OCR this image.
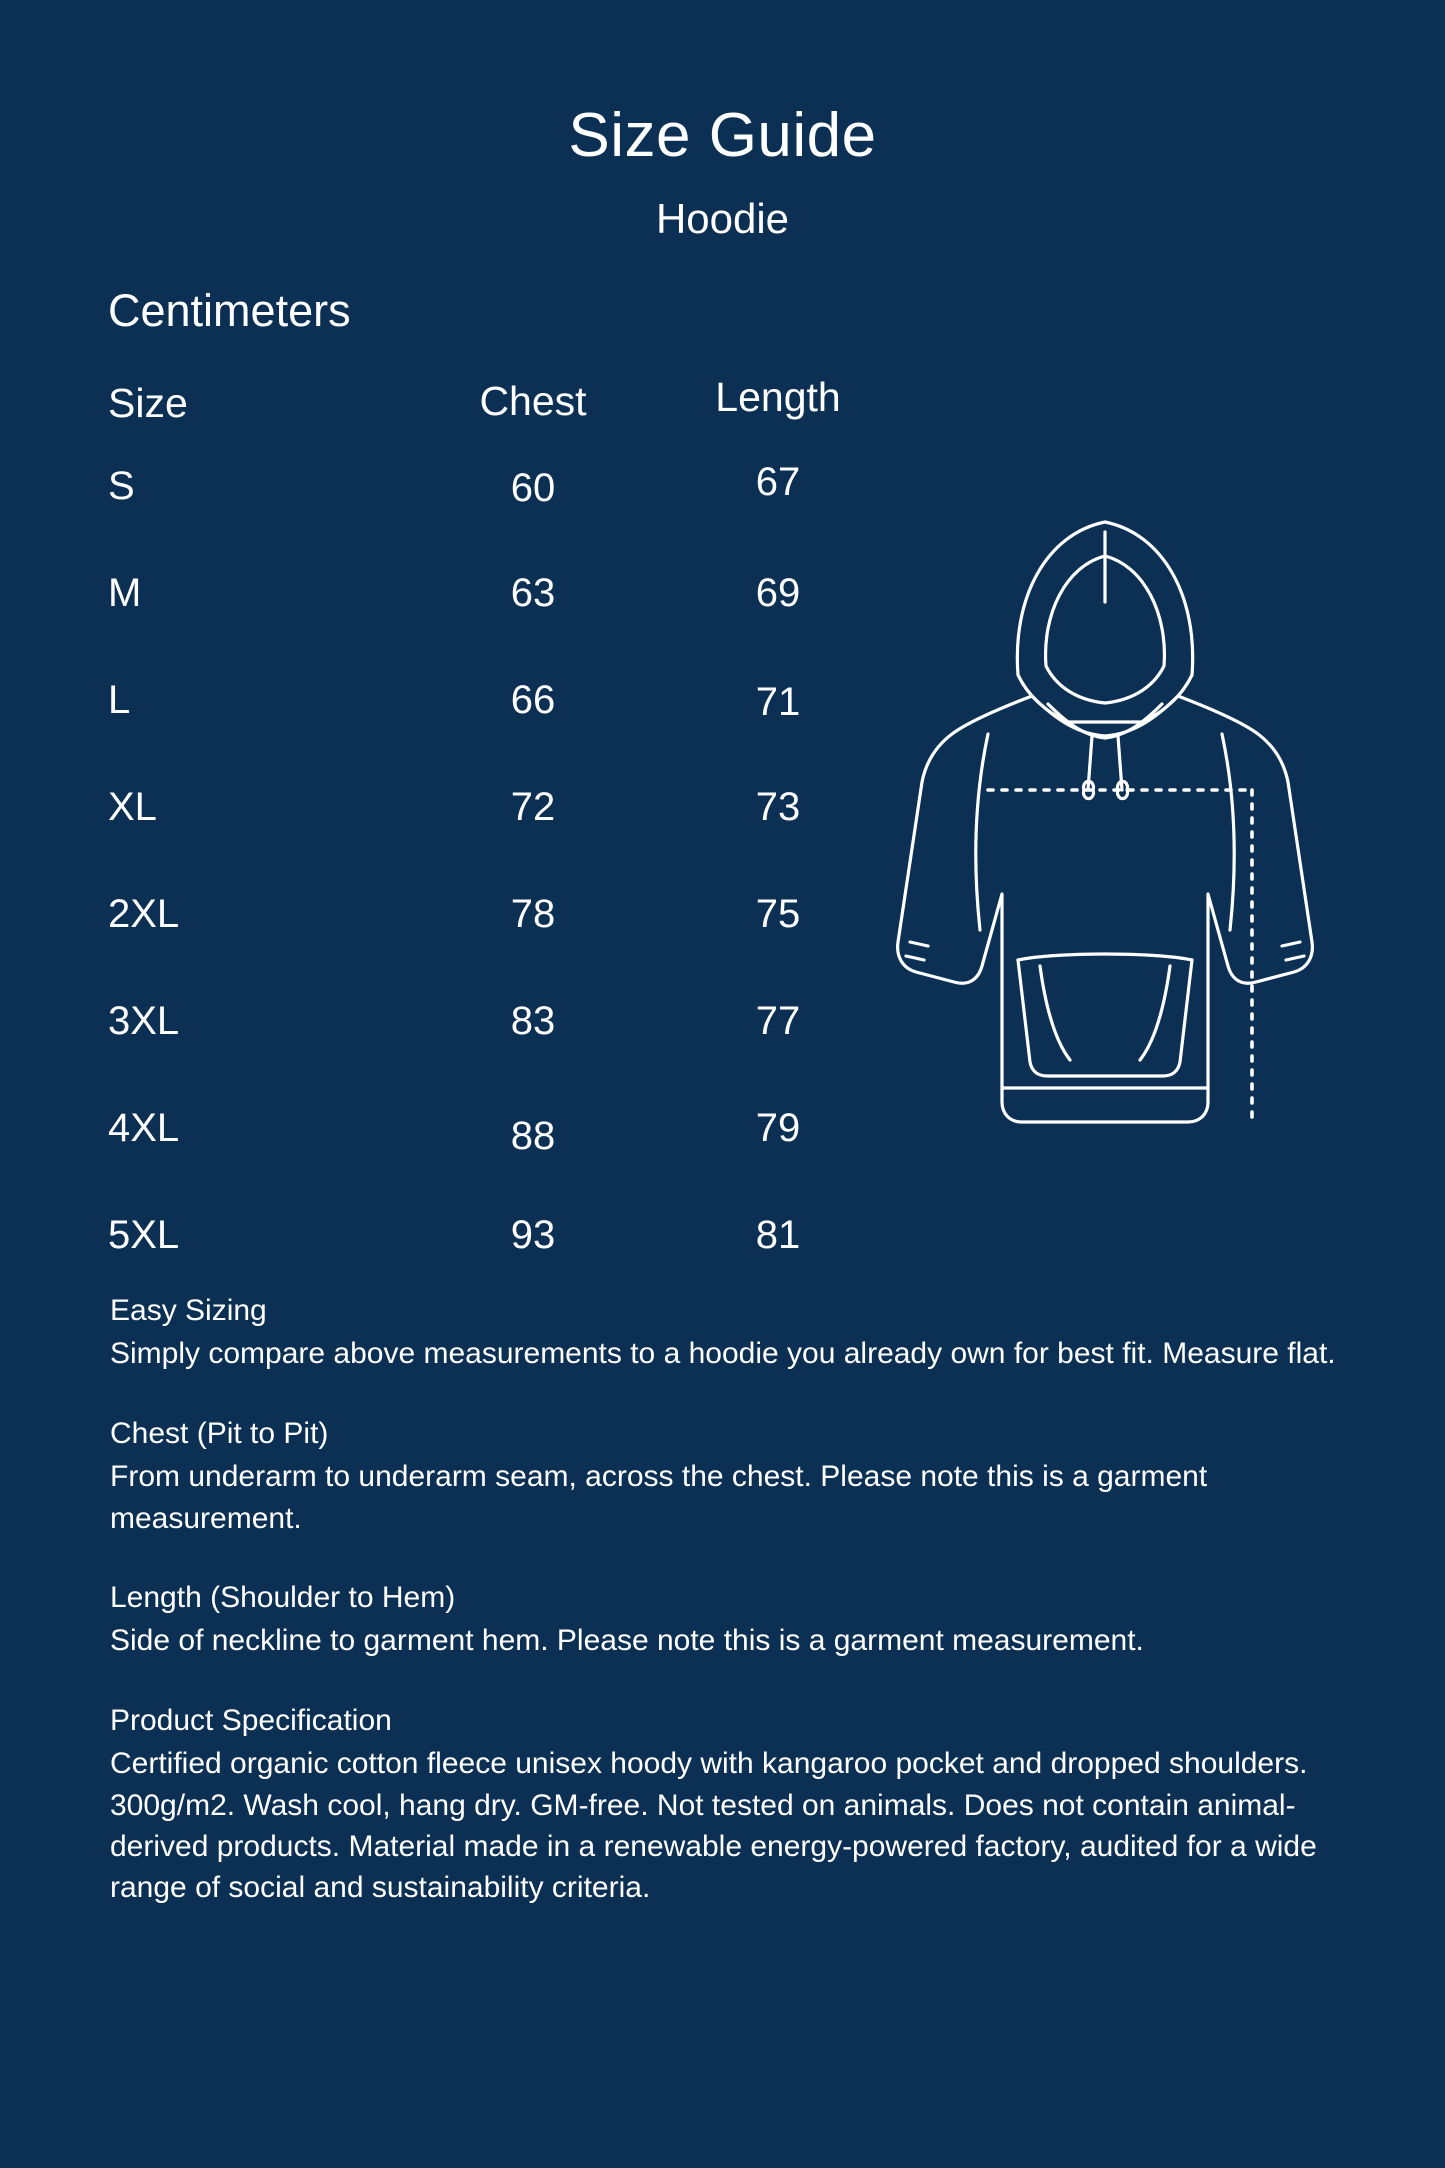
Size Guide
Hoodie
Centimeters
Size	Chest	Length
S	60	67
M	63	69
L	66	71
XL	72	73
2XL	78	75
3XL	83	77
4XL	88	79
5XL	93	81
Easy Sizing
Simply compare above measurements to a hoodie you already own for best fit. Measure flat.
Chest (Pit to Pit)
From underarm to underarm seam, across the chest. Please note this is a garment measurement.
Length (Shoulder to Hem)
Side of neckline to garment hem. Please note this is a garment measurement.
Product Specification
Certified organic cotton fleece unisex hoody with kangaroo pocket and dropped shoulders. 300g/m2. Wash cool, hang dry. GM-free. Not tested on animals. Does not contain animal-derived products. Material made in a renewable energy-powered factory, audited for a wide range of social and sustainability criteria.
